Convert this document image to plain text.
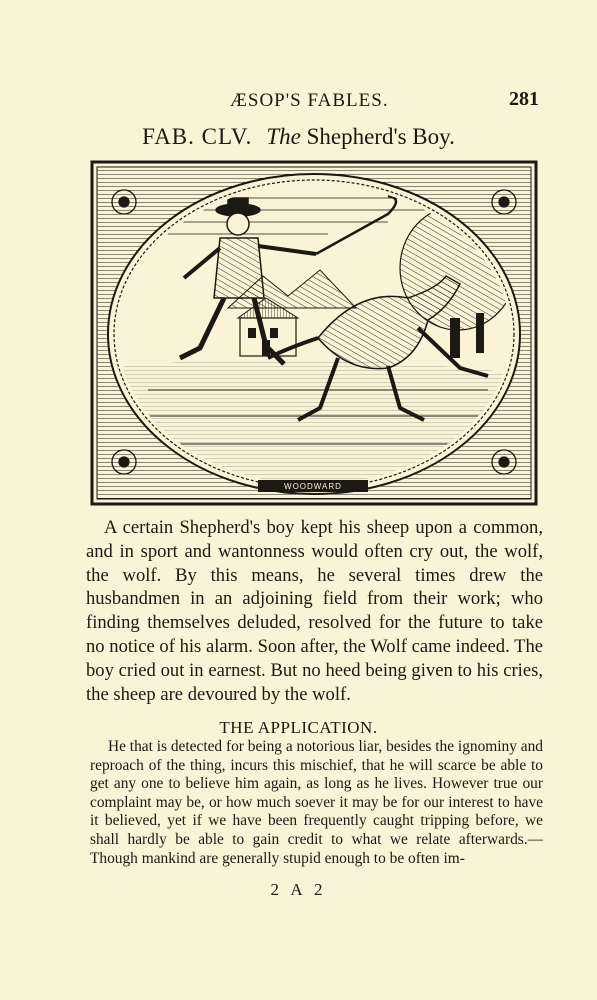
ÆSOP'S FABLES.	281
FAB. CLV. The Shepherd's Boy.
WOODWARD
A certain Shepherd's boy kept his sheep upon a common, and in sport and wantonness would often cry out, the wolf, the wolf. By this means, he several times drew the husbandmen in an adjoining field from their work; who finding themselves deluded, resolved for the future to take no notice of his alarm. Soon after, the Wolf came indeed. The boy cried out in earnest. But no heed being given to his cries, the sheep are devoured by the wolf.
THE APPLICATION.
He that is detected for being a notorious liar, besides the ignominy and reproach of the thing, incurs this mischief, that he will scarce be able to get any one to believe him again, as long as he lives. However true our complaint may be, or how much soever it may be for our interest to have it believed, yet if we have been frequently caught tripping before, we shall hardly be able to gain credit to what we relate afterwards.— Though mankind are generally stupid enough to be often im-
2 A 2
